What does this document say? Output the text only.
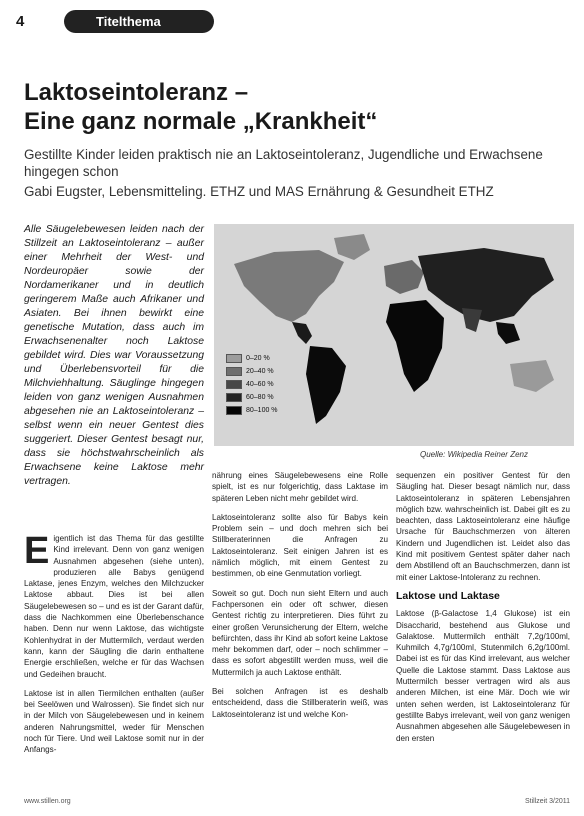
4	Titelthema
Laktoseintoleranz –
Eine ganz normale „Krankheit“

Gestillte Kinder leiden praktisch nie an Laktoseintoleranz, Jugendliche und Erwachsene hingegen schon

Gabi Eugster, Lebensmitteling. ETHZ und MAS Ernährung & Gesundheit ETHZ

Alle Säugelebewesen leiden nach der Stillzeit an Laktoseintoleranz – außer einer Mehrheit der West- und Nordeuropäer sowie der Nordamerikaner und in deutlich geringerem Maße auch Afrikaner und Asiaten. Bei ihnen bewirkt eine genetische Mutation, dass auch im Erwachsenenalter noch Laktose gebildet wird. Dies war Voraussetzung und Überlebensvorteil für die Milchviehhaltung. Säuglinge hingegen leiden von ganz wenigen Ausnahmen abgesehen nie an Laktoseintoleranz – selbst wenn ein neuer Gentest dies suggeriert. Dieser Gentest besagt nur, dass sie höchstwahrscheinlich als Erwachsene keine Laktose mehr vertragen.

0–20 %
20–40 %
40–60 %
60–80 %
80–100 %
Quelle: Wikipedia Reiner Zenz

Eigentlich ist das Thema für das gestillte Kind irrelevant. Denn von ganz wenigen Ausnahmen abgesehen (siehe unten), produzieren alle Babys genügend Laktase, jenes Enzym, welches den Milchzucker Laktose abbaut. Dies ist bei allen Säugelebewesen so – und es ist der Garant dafür, dass die Nachkommen eine Überlebenschance haben. Denn nur wenn Laktose, das wichtigste Kohlenhydrat in der Muttermilch, verdaut werden kann, kann der Säugling die darin enthaltene Energie erschließen, welche er für das Wachsen und Gedeihen braucht.

Laktose ist in allen Tiermilchen enthalten (außer bei Seelöwen und Walrossen). Sie findet sich nur in der Milch von Säugelebewesen und in keinem anderen Nahrungsmittel, weder für Menschen noch für Tiere. Und weil Laktose somit nur in der Anfangs-

nährung eines Säugelebewesens eine Rolle spielt, ist es nur folgerichtig, dass Laktase im späteren Leben nicht mehr gebildet wird.

Laktoseintoleranz sollte also für Babys kein Problem sein – und doch mehren sich bei Stillberaterinnen die Anfragen zu Laktoseintoleranz. Seit einigen Jahren ist es nämlich möglich, mit einem Gentest zu bestimmen, ob eine Genmutation vorliegt.

Soweit so gut. Doch nun sieht Eltern und auch Fachpersonen ein oder oft schwer, diesen Gentest richtig zu interpretieren. Dies führt zu einer großen Verunsicherung der Eltern, welche befürchten, dass ihr Kind ab sofort keine Laktose mehr bekommen darf, oder – noch schlimmer – dass es sofort abgestillt werden muss, weil die Muttermilch ja auch Laktose enthält.

Bei solchen Anfragen ist es deshalb entscheidend, dass die Stillberaterin weiß, was Laktoseintoleranz ist und welche Kon-

sequenzen ein positiver Gentest für den Säugling hat. Dieser besagt nämlich nur, dass Laktoseintoleranz in späteren Lebensjahren möglich bzw. wahrscheinlich ist. Dabei gilt es zu beachten, dass Laktoseintoleranz eine häufige Ursache für Bauchschmerzen von älteren Kindern und Jugendlichen ist. Leidet also das Kind mit positivem Gentest später daher nach dem Abstillend oft an Bauchschmerzen, dann ist mit einer Laktose-Intoleranz zu rechnen.

Laktose und Laktase

Laktose (β-Galactose 1,4 Glukose) ist ein Disaccharid, bestehend aus Glukose und Galaktose. Muttermilch enthält 7,2g/100ml, Kuhmilch 4,7g/100ml, Stutenmilch 6,2g/100ml. Dabei ist es für das Kind irrelevant, aus welcher Quelle die Laktose stammt. Dass Laktose aus Muttermilch besser vertragen wird als aus anderen Milchen, ist eine Mär. Doch wie wir unten sehen werden, ist Laktoseintoleranz für gestillte Babys irrelevant, weil von ganz wenigen Ausnahmen abgesehen alle Säugelebewesen in den ersten

www.stillen.org	Stillzeit 3/2011
